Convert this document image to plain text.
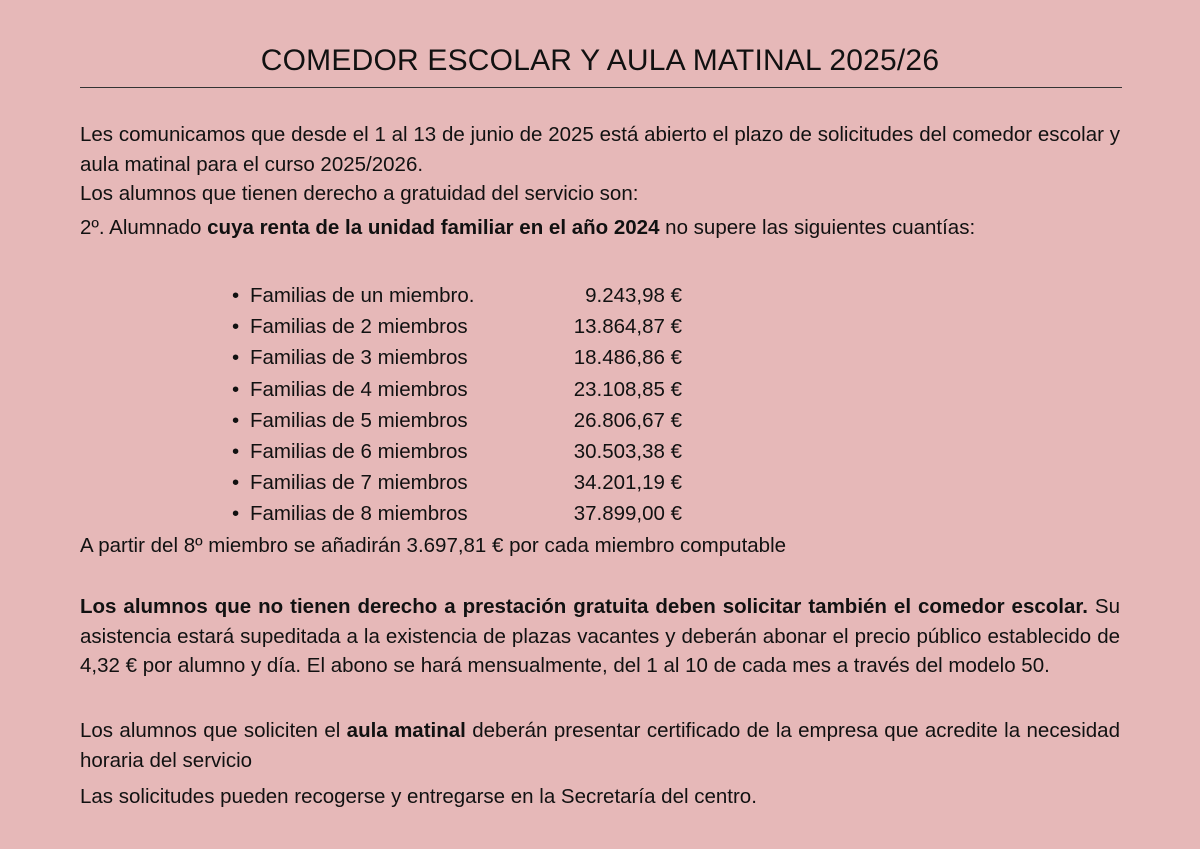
COMEDOR ESCOLAR Y AULA MATINAL 2025/26

Les comunicamos que desde el 1 al 13 de junio de 2025 está abierto el plazo de solicitudes del comedor escolar y aula matinal para el curso 2025/2026.

Los alumnos que tienen derecho a gratuidad del servicio son:

2º. Alumnado cuya renta de la unidad familiar en el año 2024 no supere las siguientes cuantías:

• Familias de un miembro.	9.243,98 €
• Familias de 2 miembros	13.864,87 €
• Familias de 3 miembros	18.486,86 €
• Familias de 4 miembros	23.108,85 €
• Familias de 5 miembros	26.806,67 €
• Familias de 6 miembros	30.503,38 €
• Familias de 7 miembros	34.201,19 €
• Familias de 8 miembros	37.899,00 €

A partir del 8º miembro se añadirán 3.697,81 € por cada miembro computable

Los alumnos que no tienen derecho a prestación gratuita deben solicitar también el comedor escolar. Su asistencia estará supeditada a la existencia de plazas vacantes y deberán abonar el precio público establecido de 4,32 € por alumno y día. El abono se hará mensualmente, del 1 al 10 de cada mes a través del modelo 50.

Los alumnos que soliciten el aula matinal deberán presentar certificado de la empresa que acredite la necesidad horaria del servicio

Las solicitudes pueden recogerse y entregarse en la Secretaría del centro.
